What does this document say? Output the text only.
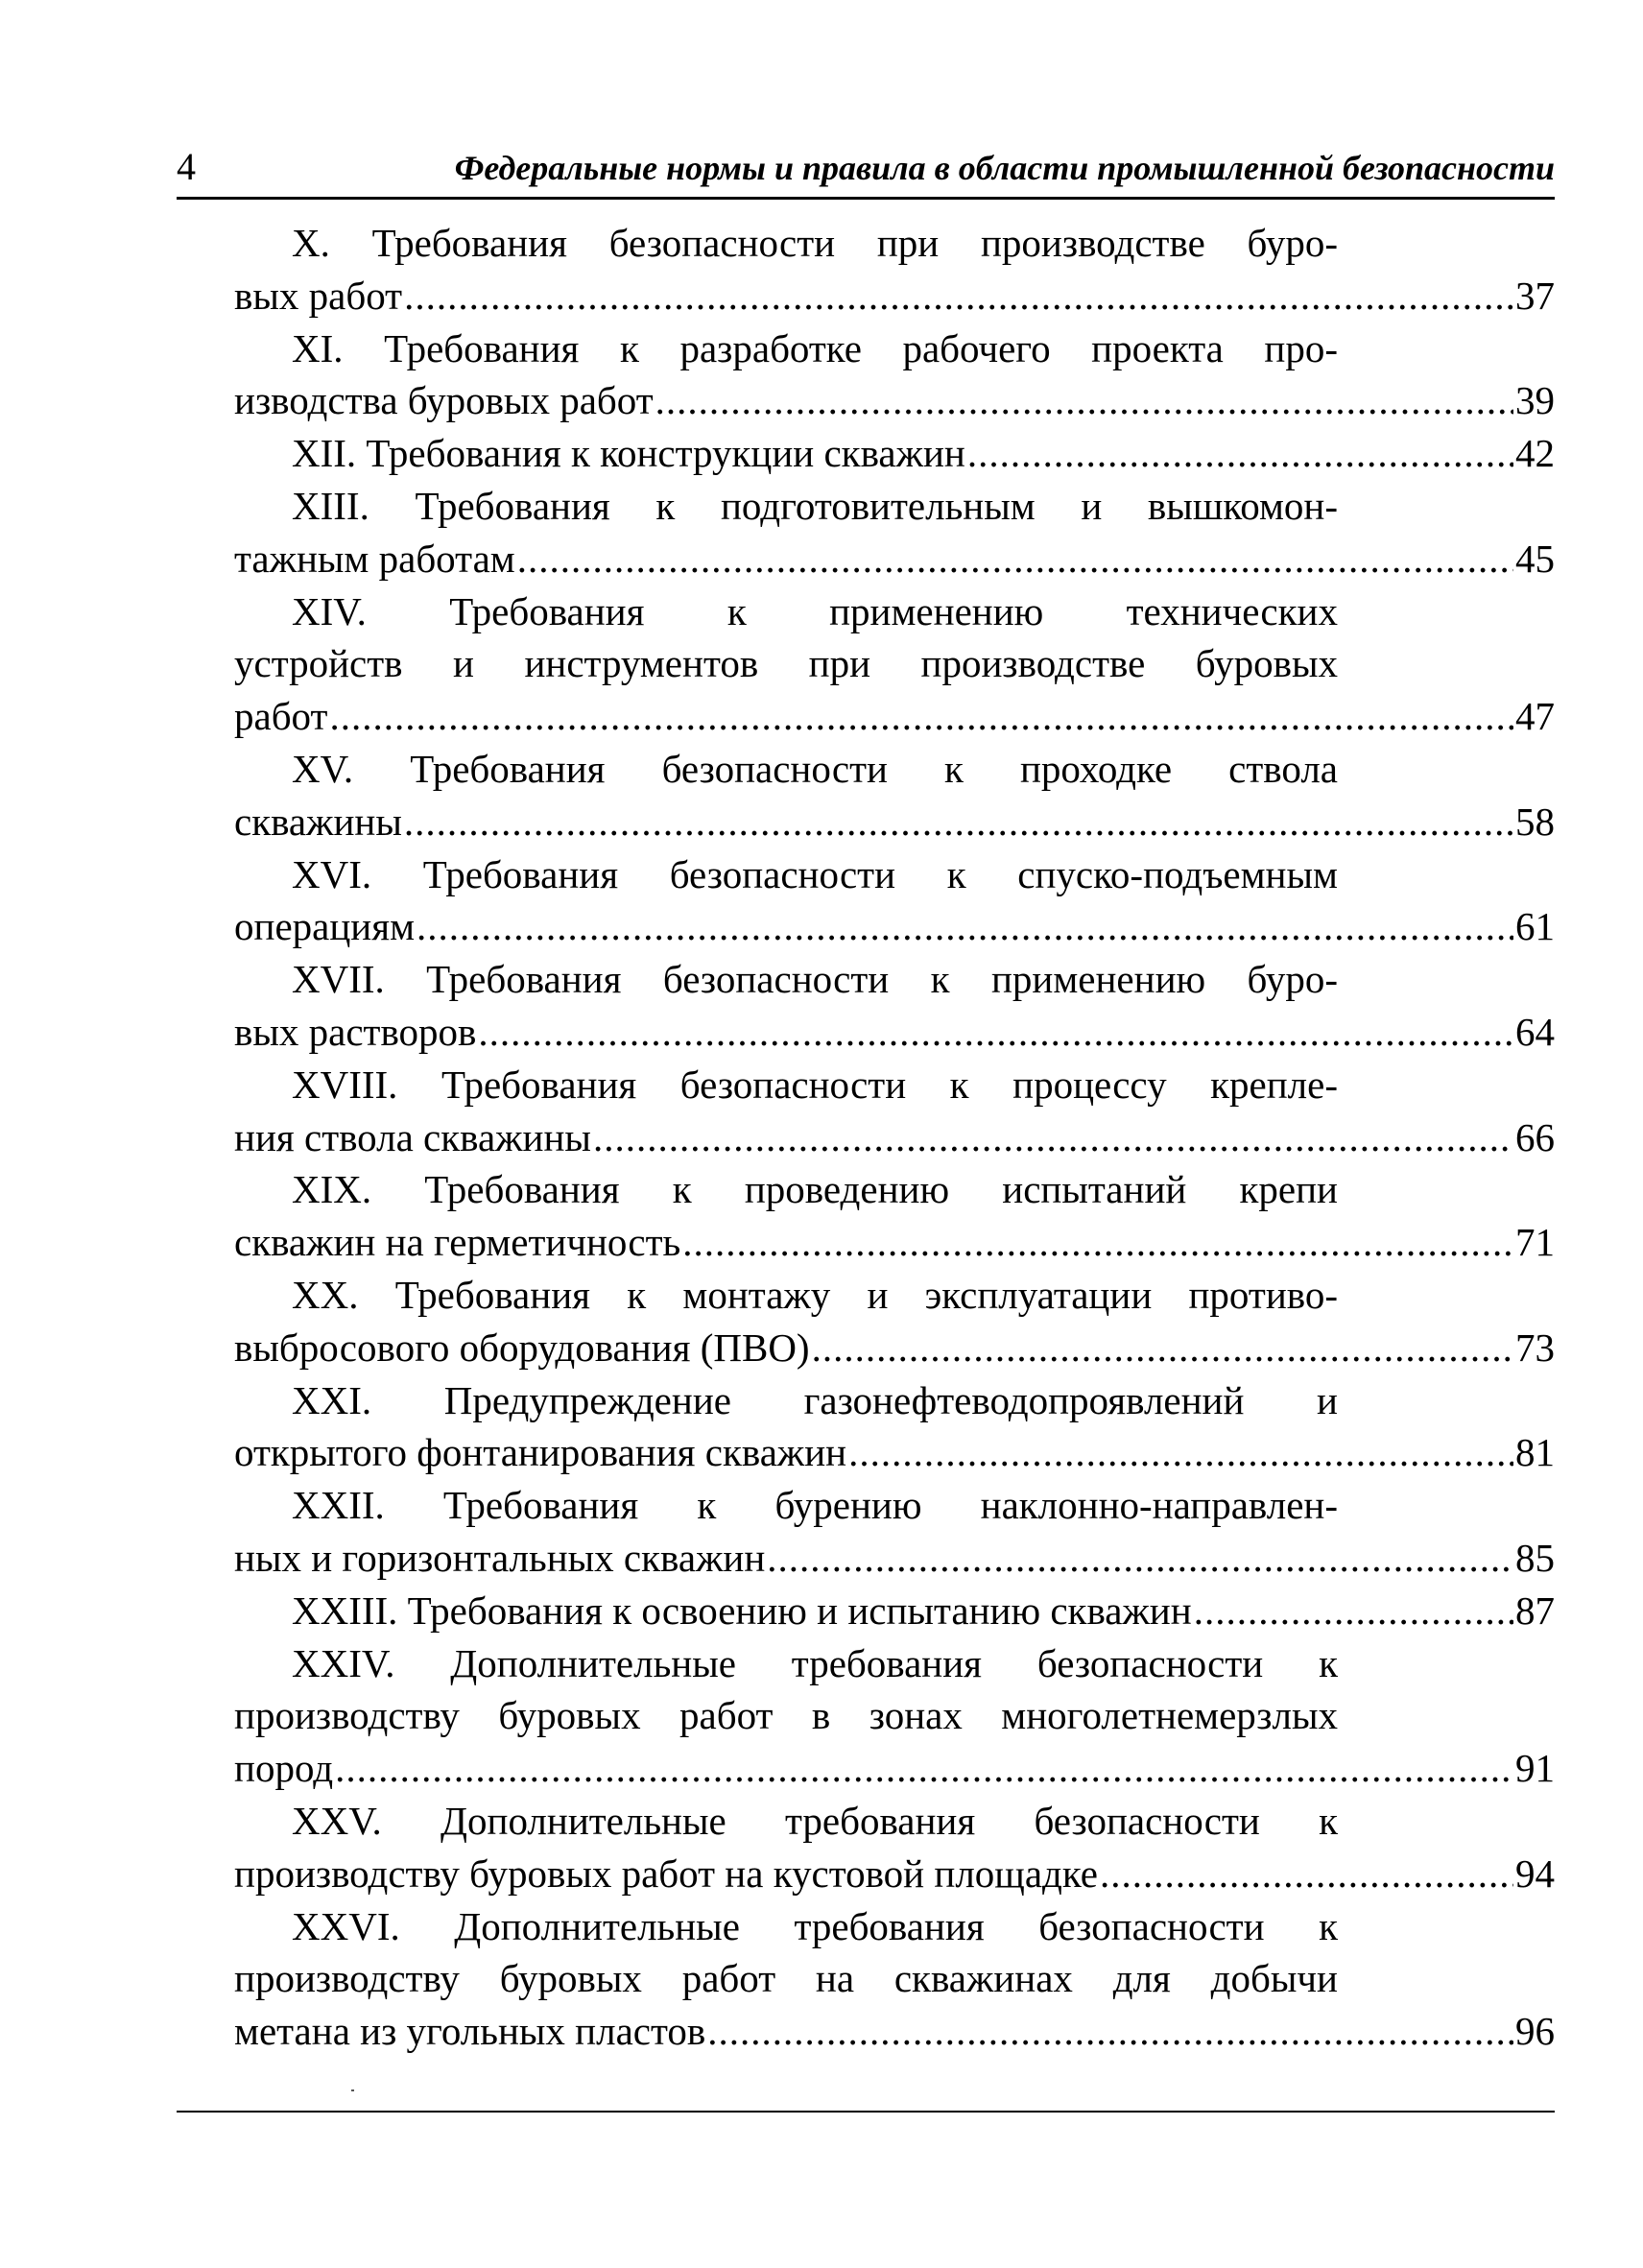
4	Федеральные нормы и правила в области промышленной безопасности
X. Требования безопасности при производстве буро-
вых работ .....	37
XI. Требования к разработке рабочего проекта про-
изводства буровых работ .....	39
XII. Требования к конструкции скважин .....	42
XIII. Требования к подготовительным и вышкомон-
тажным работам .....	45
XIV. Требования к применению технических
устройств и инструментов при производстве буровых
работ .....	47
XV. Требования безопасности к проходке ствола
скважины .....	58
XVI. Требования безопасности к спуско-подъемным
операциям .....	61
XVII. Требования безопасности к применению буро-
вых растворов .....	64
XVIII. Требования безопасности к процессу крепле-
ния ствола скважины .....	66
XIX. Требования к проведению испытаний крепи
скважин на герметичность .....	71
XX. Требования к монтажу и эксплуатации противо-
выбросового оборудования (ПВО) .....	73
XXI. Предупреждение газонефтеводопроявлений и
открытого фонтанирования скважин .....	81
XXII. Требования к бурению наклонно-направлен-
ных и горизонтальных скважин .....	85
XXIII. Требования к освоению и испытанию скважин .....	87
XXIV. Дополнительные требования безопасности к
производству буровых работ в зонах многолетнемерзлых
пород .....	91
XXV. Дополнительные требования безопасности к
производству буровых работ на кустовой площадке .....	94
XXVI. Дополнительные требования безопасности к
производству буровых работ на скважинах для добычи
метана из угольных пластов .....	96
